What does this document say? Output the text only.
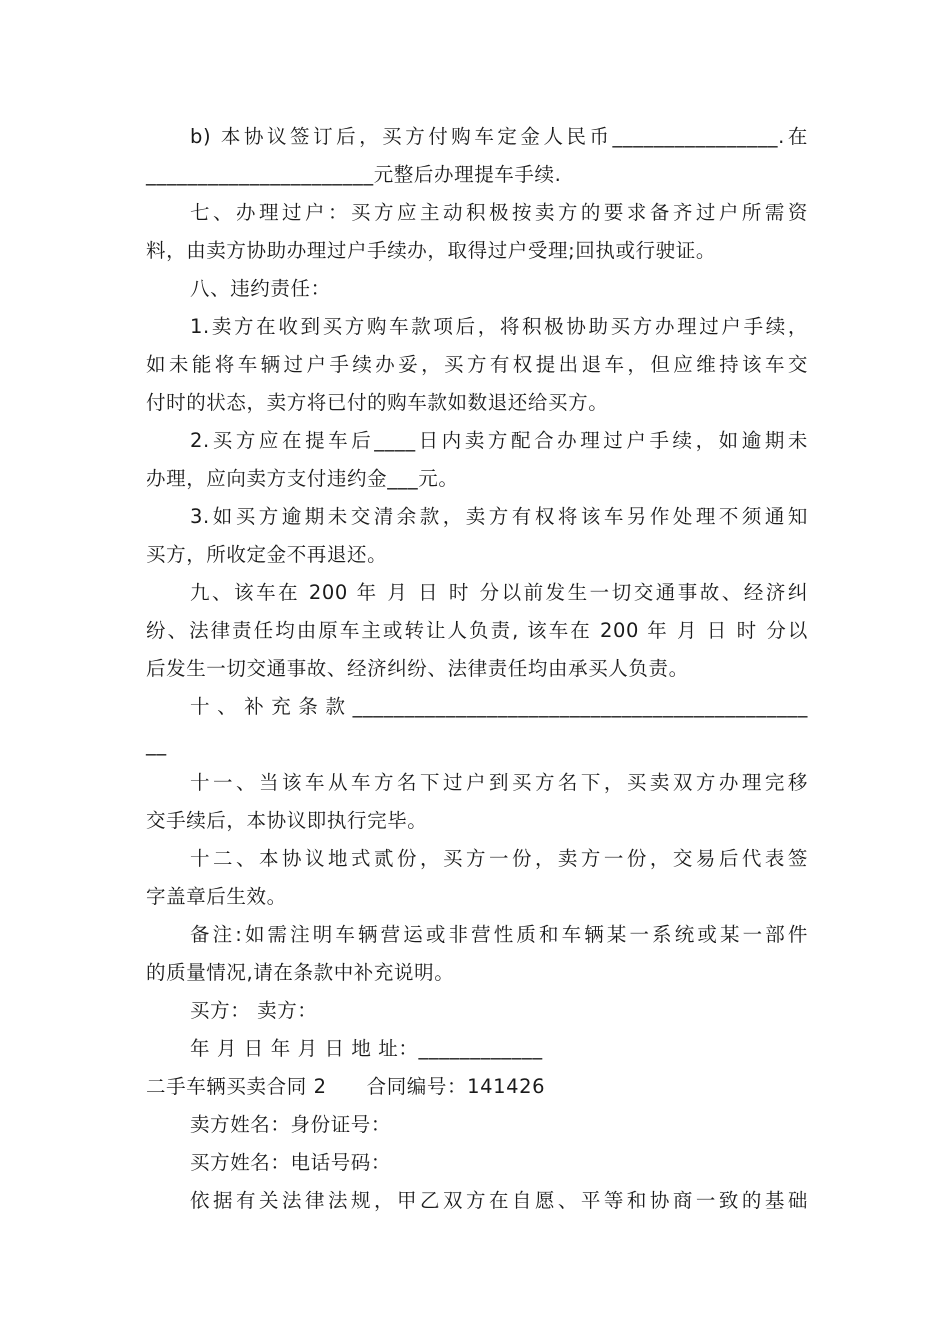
b) 本协议签订后，买方付购车定金人民币________________.在
______________________元整后办理提车手续.
七、办理过户：买方应主动积极按卖方的要求备齐过户所需资
料，由卖方协助办理过户手续办，取得过户受理;回执或行驶证。
八、违约责任：
1.卖方在收到买方购车款项后，将积极协助买方办理过户手续，
如未能将车辆过户手续办妥，买方有权提出退车，但应维持该车交
付时的状态，卖方将已付的购车款如数退还给买方。
2.买方应在提车后____日内卖方配合办理过户手续，如逾期未
办理，应向卖方支付违约金___元。
3.如买方逾期未交清余款，卖方有权将该车另作处理不须通知
买方，所收定金不再退还。
九、该车在 200 年 月 日 时 分以前发生一切交通事故、经济纠
纷、法律责任均由原车主或转让人负责, 该车在 200 年 月 日 时 分以
后发生一切交通事故、经济纠纷、法律责任均由承买人负责。
十、补充条款____________________________________________
__
十一、当该车从车方名下过户到买方名下，买卖双方办理完移
交手续后，本协议即执行完毕。
十二、本协议地式贰份，买方一份，卖方一份，交易后代表签
字盖章后生效。
备注:如需注明车辆营运或非营性质和车辆某一系统或某一部件
的质量情况,请在条款中补充说明。
买方： 卖方：
年 月 日 年 月 日 地 址：____________
二手车辆买卖合同 2 合同编号：141426
卖方姓名：身份证号：
买方姓名：电话号码：
依据有关法律法规，甲乙双方在自愿、平等和协商一致的基础
